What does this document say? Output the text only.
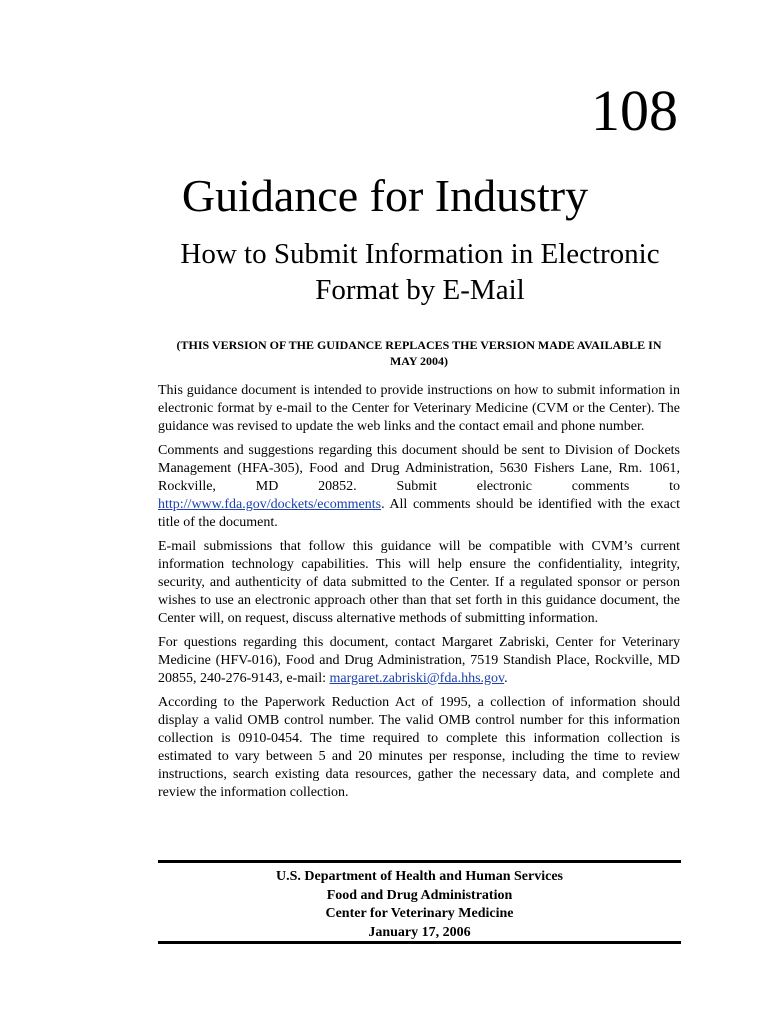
108
Guidance for Industry
How to Submit Information in Electronic
Format by E-Mail
(THIS VERSION OF THE GUIDANCE REPLACES THE VERSION MADE AVAILABLE IN
MAY 2004)

This guidance document is intended to provide instructions on how to submit information in electronic format by e-mail to the Center for Veterinary Medicine (CVM or the Center). The guidance was revised to update the web links and the contact email and phone number.

Comments and suggestions regarding this document should be sent to Division of Dockets Management (HFA-305), Food and Drug Administration, 5630 Fishers Lane, Rm. 1061, Rockville, MD 20852. Submit electronic comments to http://www.fda.gov/dockets/ecomments. All comments should be identified with the exact title of the document.

E-mail submissions that follow this guidance will be compatible with CVM’s current information technology capabilities. This will help ensure the confidentiality, integrity, security, and authenticity of data submitted to the Center. If a regulated sponsor or person wishes to use an electronic approach other than that set forth in this guidance document, the Center will, on request, discuss alternative methods of submitting information.

For questions regarding this document, contact Margaret Zabriski, Center for Veterinary Medicine (HFV-016), Food and Drug Administration, 7519 Standish Place, Rockville, MD 20855, 240-276-9143, e-mail: margaret.zabriski@fda.hhs.gov.

According to the Paperwork Reduction Act of 1995, a collection of information should display a valid OMB control number. The valid OMB control number for this information collection is 0910-0454. The time required to complete this information collection is estimated to vary between 5 and 20 minutes per response, including the time to review instructions, search existing data resources, gather the necessary data, and complete and review the information collection.

U.S. Department of Health and Human Services
Food and Drug Administration
Center for Veterinary Medicine
January 17, 2006
